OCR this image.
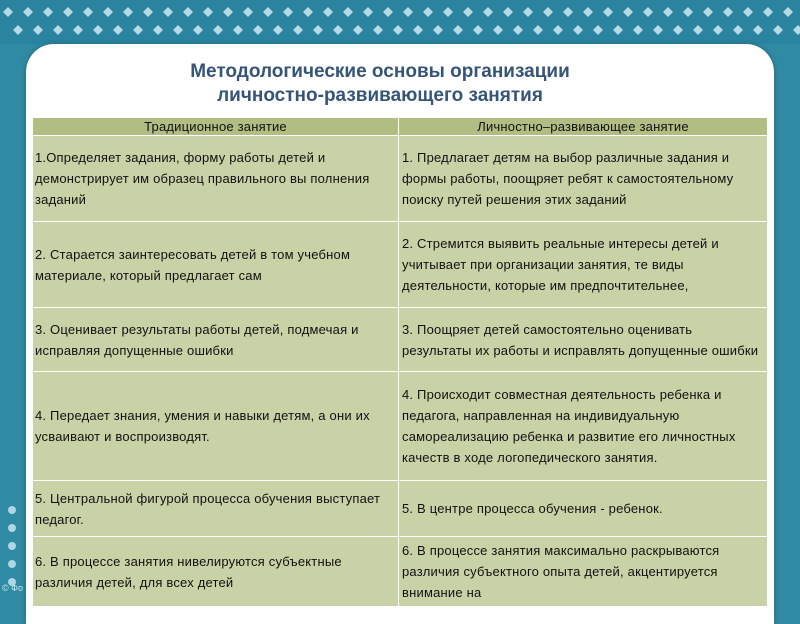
Методологические основы организации
личностно-развивающего занятия
Традиционное занятие	Личностно–развивающее занятие
1.Определяет задания, форму работы детей и демонстрирует им образец правильного вы полнения заданий	1. Предлагает детям на выбор различные задания и формы работы, поощряет ребят к самостоятельному поиску путей решения этих заданий
2. Старается заинтересовать детей в том учебном материале, который предлагает сам	2. Стремится выявить реальные интересы детей и учитывает при организации занятия, те виды деятельности, которые им предпочтительнее,
3. Оценивает результаты работы детей, подмечая и исправляя допущенные ошибки	3. Поощряет детей самостоятельно оценивать результаты их работы и исправлять допущенные ошибки
4. Передает знания, умения и навыки детям, а они их усваивают и воспроизводят.	4. Происходит совместная деятельность ребенка и педагога, направленная на индивидуальную самореализацию ребенка и развитие его личностных качеств в ходе логопедического занятия.
5. Центральной фигурой процесса обучения выступает педагог.	5. В центре процесса обучения - ребенок.
6. В процессе занятия нивелируются субъектные различия детей, для всех детей	6. В процессе занятия максимально раскрываются различия субъектного опыта детей, акцентируется внимание на
© Фо
